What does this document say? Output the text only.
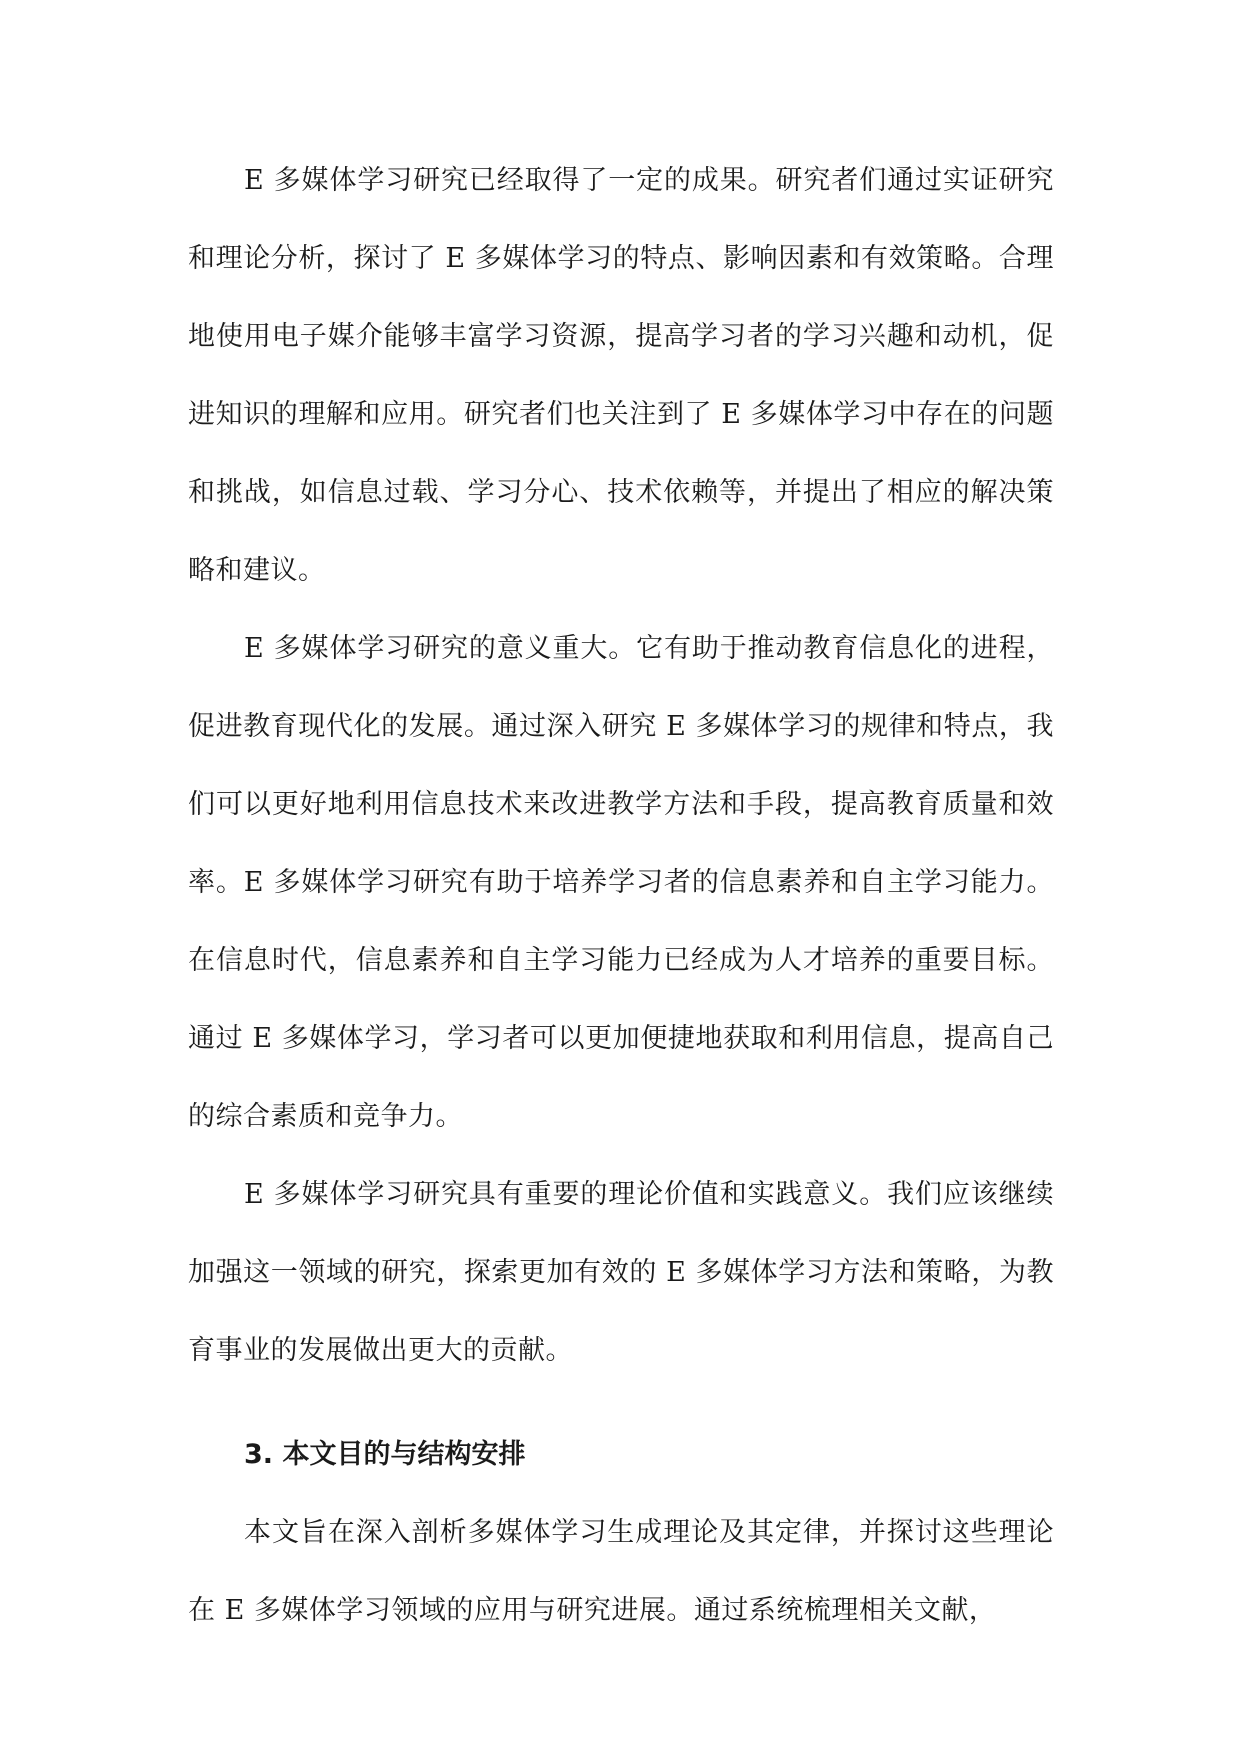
E 多媒体学习研究已经取得了一定的成果。研究者们通过实证研究和理论分析，探讨了 E 多媒体学习的特点、影响因素和有效策略。合理地使用电子媒介能够丰富学习资源，提高学习者的学习兴趣和动机，促进知识的理解和应用。研究者们也关注到了 E 多媒体学习中存在的问题和挑战，如信息过载、学习分心、技术依赖等，并提出了相应的解决策略和建议。

E 多媒体学习研究的意义重大。它有助于推动教育信息化的进程，促进教育现代化的发展。通过深入研究 E 多媒体学习的规律和特点，我们可以更好地利用信息技术来改进教学方法和手段，提高教育质量和效率。E 多媒体学习研究有助于培养学习者的信息素养和自主学习能力。在信息时代，信息素养和自主学习能力已经成为人才培养的重要目标。通过 E 多媒体学习，学习者可以更加便捷地获取和利用信息，提高自己的综合素质和竞争力。

E 多媒体学习研究具有重要的理论价值和实践意义。我们应该继续加强这一领域的研究，探索更加有效的 E 多媒体学习方法和策略，为教育事业的发展做出更大的贡献。

3. 本文目的与结构安排

本文旨在深入剖析多媒体学习生成理论及其定律，并探讨这些理论在 E 多媒体学习领域的应用与研究进展。通过系统梳理相关文献，
